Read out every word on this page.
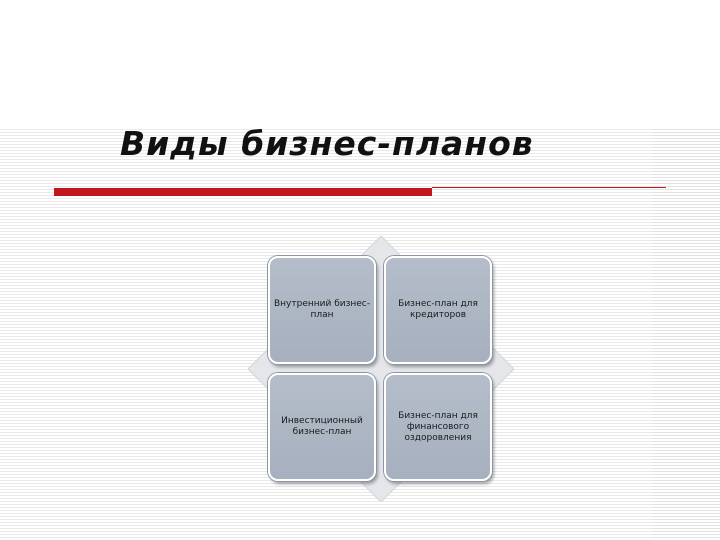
Виды бизнес-планов
Внутренний бизнес-план
Бизнес-план для кредиторов
Инвестиционный бизнес-план
Бизнес-план для финансового оздоровления
